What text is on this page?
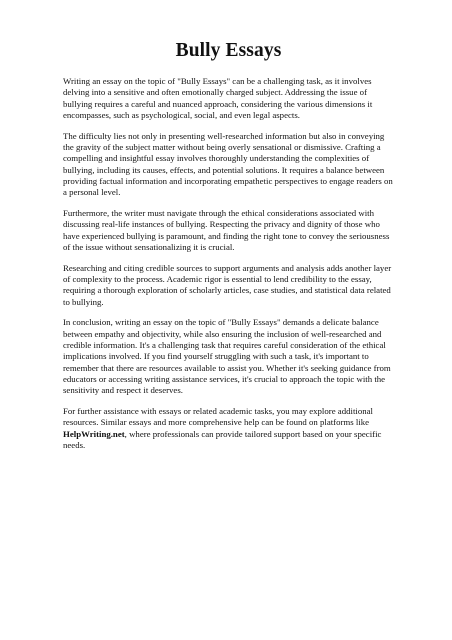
Bully Essays

Writing an essay on the topic of "Bully Essays" can be a challenging task, as it involves delving into a sensitive and often emotionally charged subject. Addressing the issue of bullying requires a careful and nuanced approach, considering the various dimensions it encompasses, such as psychological, social, and even legal aspects.

The difficulty lies not only in presenting well-researched information but also in conveying the gravity of the subject matter without being overly sensational or dismissive. Crafting a compelling and insightful essay involves thoroughly understanding the complexities of bullying, including its causes, effects, and potential solutions. It requires a balance between providing factual information and incorporating empathetic perspectives to engage readers on a personal level.

Furthermore, the writer must navigate through the ethical considerations associated with discussing real-life instances of bullying. Respecting the privacy and dignity of those who have experienced bullying is paramount, and finding the right tone to convey the seriousness of the issue without sensationalizing it is crucial.

Researching and citing credible sources to support arguments and analysis adds another layer of complexity to the process. Academic rigor is essential to lend credibility to the essay, requiring a thorough exploration of scholarly articles, case studies, and statistical data related to bullying.

In conclusion, writing an essay on the topic of "Bully Essays" demands a delicate balance between empathy and objectivity, while also ensuring the inclusion of well-researched and credible information. It's a challenging task that requires careful consideration of the ethical implications involved. If you find yourself struggling with such a task, it's important to remember that there are resources available to assist you. Whether it's seeking guidance from educators or accessing writing assistance services, it's crucial to approach the topic with the sensitivity and respect it deserves.

For further assistance with essays or related academic tasks, you may explore additional resources. Similar essays and more comprehensive help can be found on platforms like HelpWriting.net, where professionals can provide tailored support based on your specific needs.
